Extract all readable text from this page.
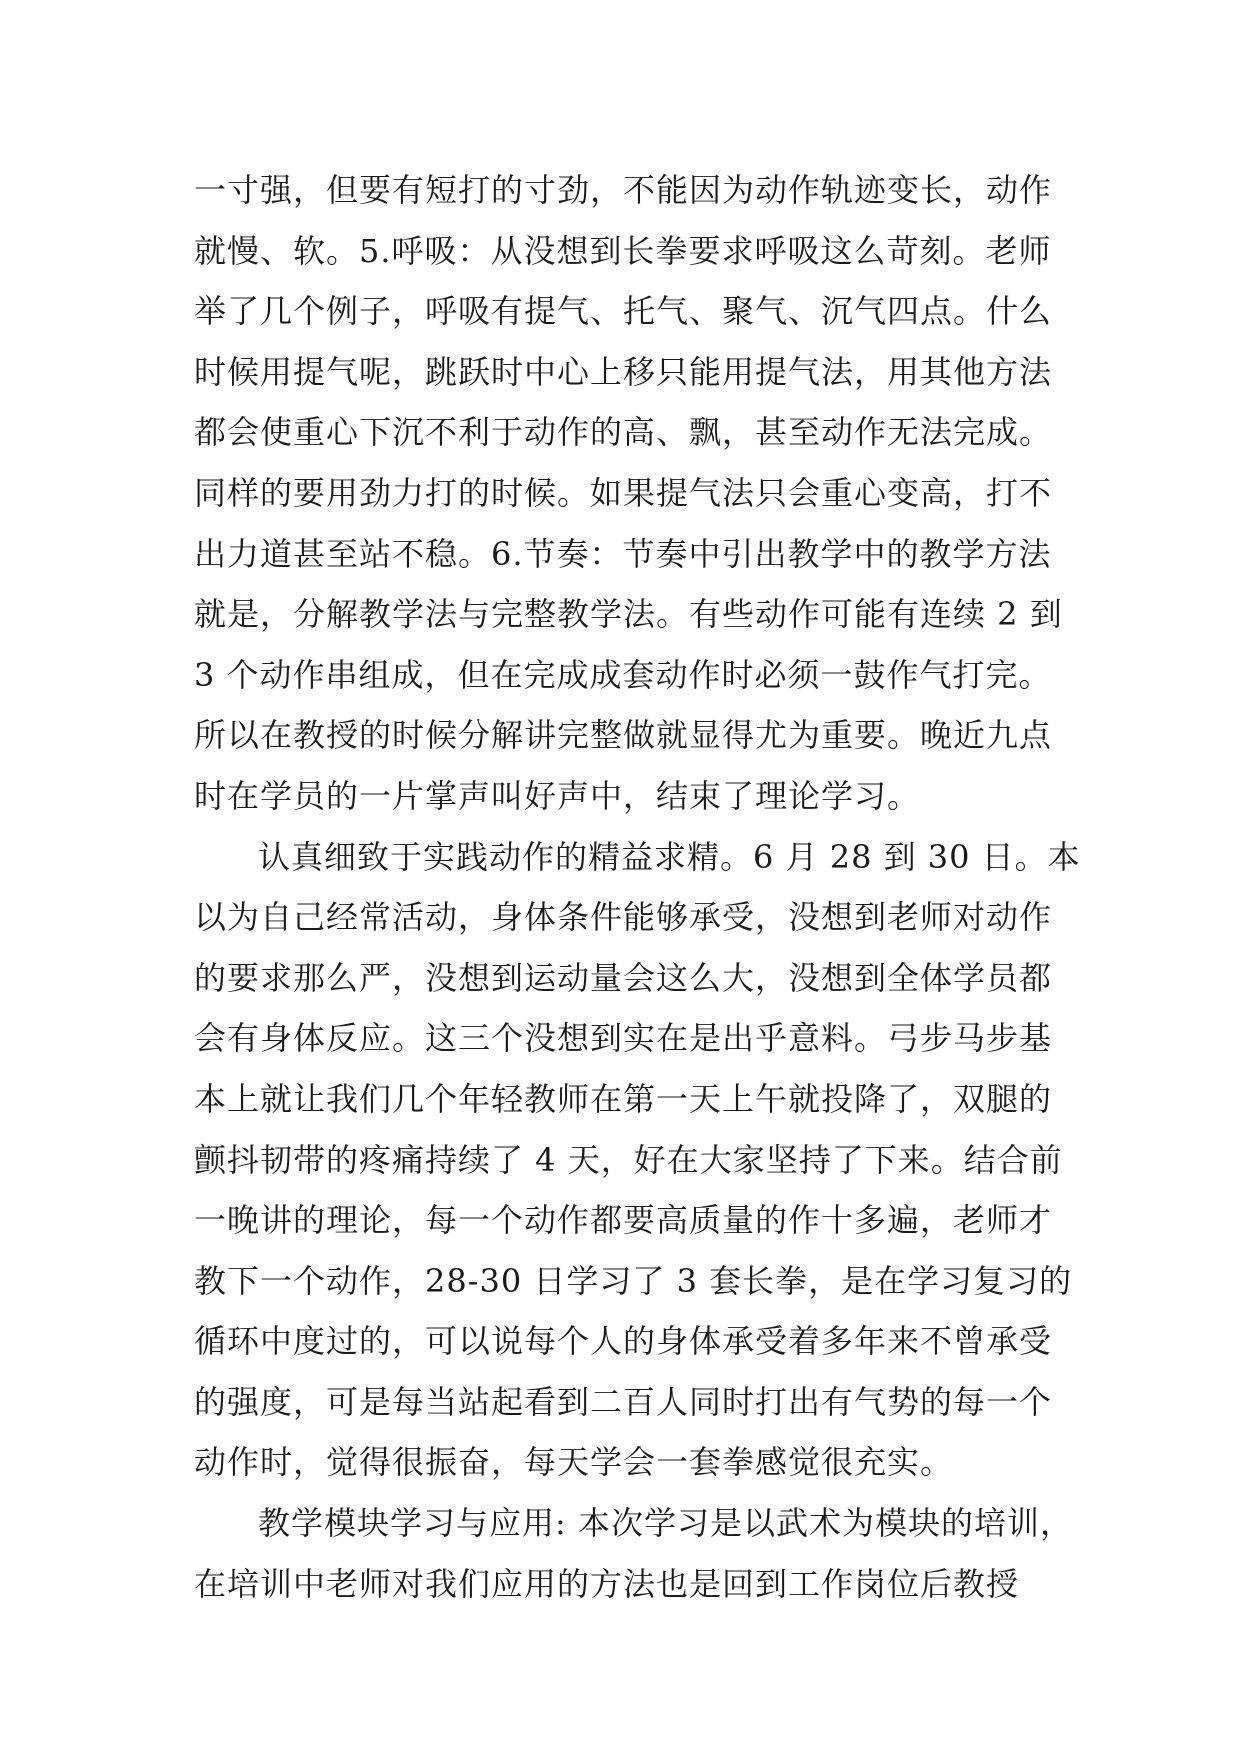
一寸强，但要有短打的寸劲，不能因为动作轨迹变长，动作
就慢、软。5.呼吸：从没想到长拳要求呼吸这么苛刻。老师
举了几个例子，呼吸有提气、托气、聚气、沉气四点。什么
时候用提气呢，跳跃时中心上移只能用提气法，用其他方法
都会使重心下沉不利于动作的高、飘，甚至动作无法完成。
同样的要用劲力打的时候。如果提气法只会重心变高，打不
出力道甚至站不稳。6.节奏：节奏中引出教学中的教学方法
就是，分解教学法与完整教学法。有些动作可能有连续 2 到
3 个动作串组成，但在完成成套动作时必须一鼓作气打完。
所以在教授的时候分解讲完整做就显得尤为重要。晚近九点
时在学员的一片掌声叫好声中，结束了理论学习。
认真细致于实践动作的精益求精。6 月 28 到 30 日。本
以为自己经常活动，身体条件能够承受，没想到老师对动作
的要求那么严，没想到运动量会这么大，没想到全体学员都
会有身体反应。这三个没想到实在是出乎意料。弓步马步基
本上就让我们几个年轻教师在第一天上午就投降了，双腿的
颤抖韧带的疼痛持续了 4 天，好在大家坚持了下来。结合前
一晚讲的理论，每一个动作都要高质量的作十多遍，老师才
教下一个动作，28-30 日学习了 3 套长拳，是在学习复习的
循环中度过的，可以说每个人的身体承受着多年来不曾承受
的强度，可是每当站起看到二百人同时打出有气势的每一个
动作时，觉得很振奋，每天学会一套拳感觉很充实。
教学模块学习与应用: 本次学习是以武术为模块的培训，
在培训中老师对我们应用的方法也是回到工作岗位后教授
